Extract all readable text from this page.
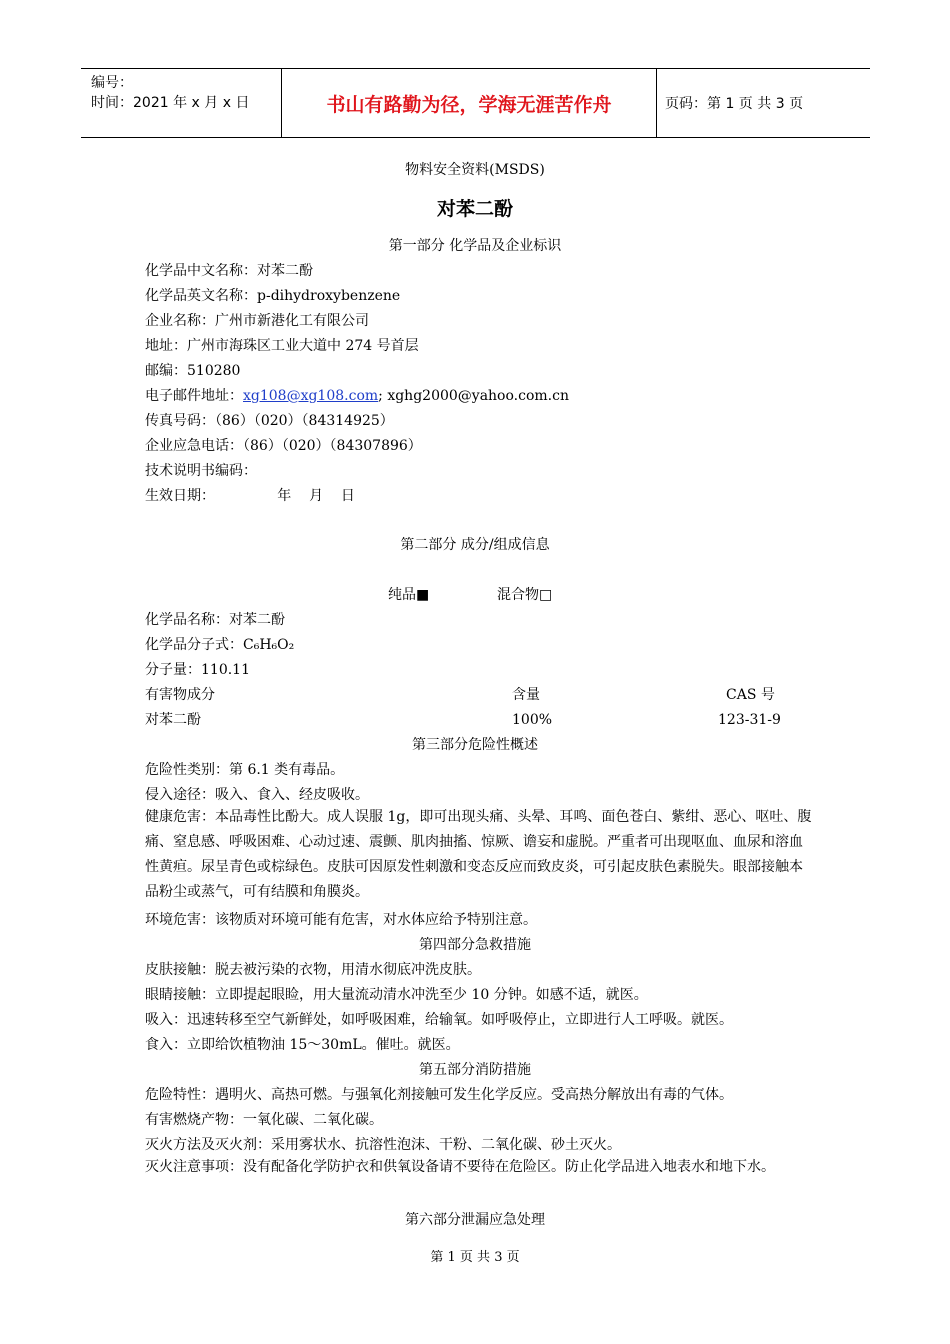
编号：
时间：2021 年 x 月 x 日	书山有路勤为径，学海无涯苦作舟	页码：第 1 页 共 3 页
物料安全资料(MSDS)
对苯二酚
第一部分 化学品及企业标识
化学品中文名称：对苯二酚
化学品英文名称：p-dihydroxybenzene
企业名称：广州市新港化工有限公司
地址：广州市海珠区工业大道中 274 号首层
邮编：510280
电子邮件地址：xg108@xg108.com; xghg2000@yahoo.com.cn
传真号码：（86）（020）（84314925）
企业应急电话：（86）（020）（84307896）
技术说明书编码：
生效日期：              年    月    日
第二部分 成分/组成信息
纯品■	混合物□
化学品名称：对苯二酚
化学品分子式：C₆H₆O₂
分子量：110.11
有害物成分	含量	CAS 号
对苯二酚	100%	123-31-9
第三部分危险性概述
危险性类别：第 6.1 类有毒品。
侵入途径：吸入、食入、经皮吸收。
健康危害：本品毒性比酚大。成人误服 1g，即可出现头痛、头晕、耳鸣、面色苍白、紫绀、恶心、呕吐、腹痛、窒息感、呼吸困难、心动过速、震颤、肌肉抽搐、惊厥、谵妄和虚脱。严重者可出现呕血、血尿和溶血性黄疸。尿呈青色或棕绿色。皮肤可因原发性刺激和变态反应而致皮炎，可引起皮肤色素脱失。眼部接触本品粉尘或蒸气，可有结膜和角膜炎。
环境危害：该物质对环境可能有危害，对水体应给予特别注意。
第四部分急救措施
皮肤接触：脱去被污染的衣物，用清水彻底冲洗皮肤。
眼睛接触：立即提起眼睑，用大量流动清水冲洗至少 10 分钟。如感不适，就医。
吸入：迅速转移至空气新鲜处，如呼吸困难，给输氧。如呼吸停止，立即进行人工呼吸。就医。
食入：立即给饮植物油 15～30mL。催吐。就医。
第五部分消防措施
危险特性：遇明火、高热可燃。与强氧化剂接触可发生化学反应。受高热分解放出有毒的气体。
有害燃烧产物：一氧化碳、二氧化碳。
灭火方法及灭火剂：采用雾状水、抗溶性泡沫、干粉、二氧化碳、砂土灭火。
灭火注意事项：没有配备化学防护衣和供氧设备请不要待在危险区。防止化学品进入地表水和地下水。
第六部分泄漏应急处理
第 1 页 共 3 页
